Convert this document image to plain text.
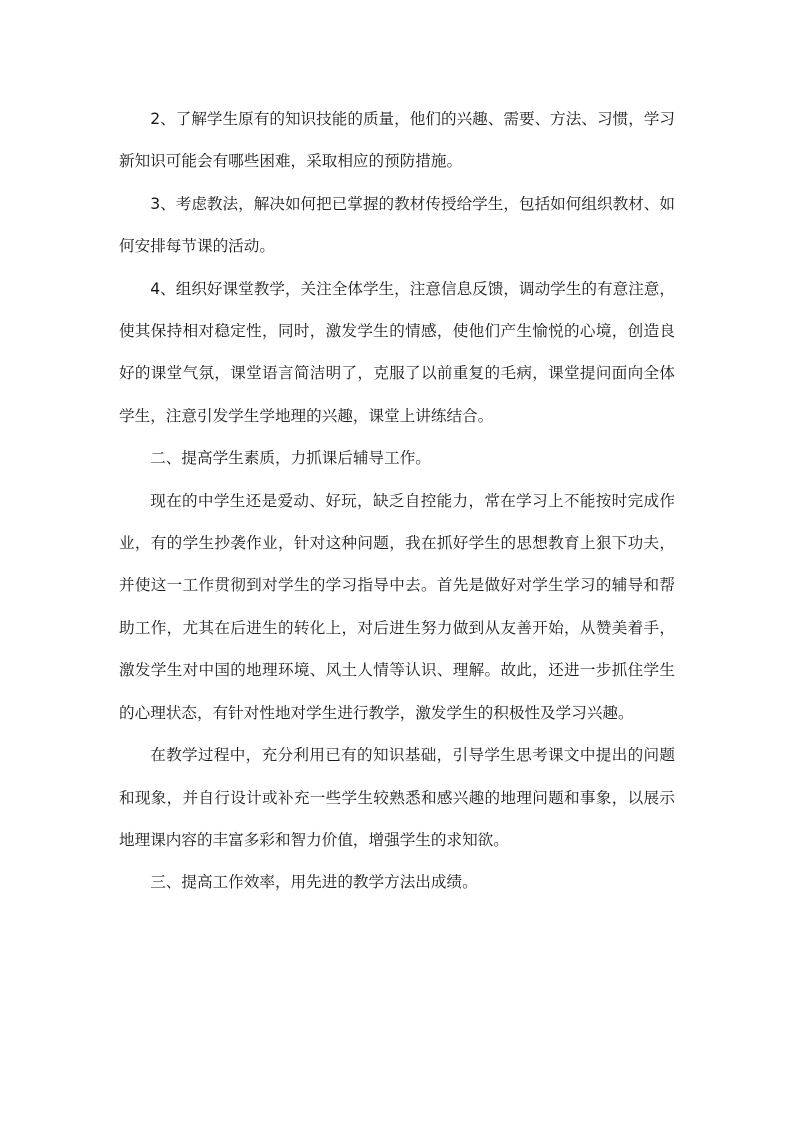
2、了解学生原有的知识技能的质量，他们的兴趣、需要、方法、习惯，学习新知识可能会有哪些困难，采取相应的预防措施。

3、考虑教法，解决如何把已掌握的教材传授给学生，包括如何组织教材、如何安排每节课的活动。

4、组织好课堂教学，关注全体学生，注意信息反馈，调动学生的有意注意，使其保持相对稳定性，同时，激发学生的情感，使他们产生愉悦的心境，创造良好的课堂气氛，课堂语言简洁明了，克服了以前重复的毛病，课堂提问面向全体学生，注意引发学生学地理的兴趣，课堂上讲练结合。

二、提高学生素质，力抓课后辅导工作。

现在的中学生还是爱动、好玩，缺乏自控能力，常在学习上不能按时完成作业，有的学生抄袭作业，针对这种问题，我在抓好学生的思想教育上狠下功夫，并使这一工作贯彻到对学生的学习指导中去。首先是做好对学生学习的辅导和帮助工作，尤其在后进生的转化上，对后进生努力做到从友善开始，从赞美着手，激发学生对中国的地理环境、风土人情等认识、理解。故此，还进一步抓住学生的心理状态，有针对性地对学生进行教学，激发学生的积极性及学习兴趣。

在教学过程中，充分利用已有的知识基础，引导学生思考课文中提出的问题和现象，并自行设计或补充一些学生较熟悉和感兴趣的地理问题和事象，以展示地理课内容的丰富多彩和智力价值，增强学生的求知欲。

三、提高工作效率，用先进的教学方法出成绩。
